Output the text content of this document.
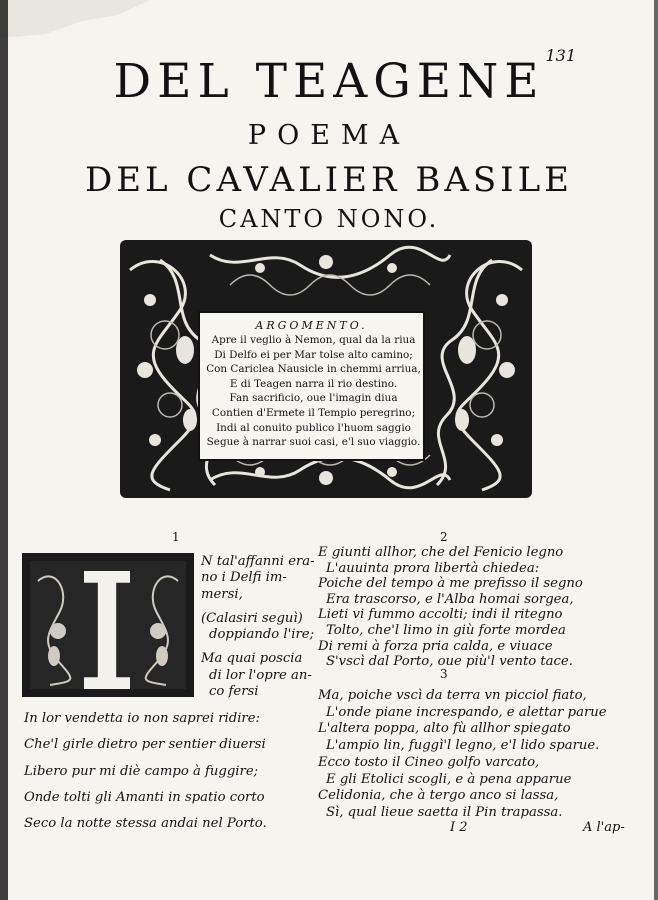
131
DEL TEAGENE
POEMA
DEL CAVALIER BASILE
CANTO NONO.
ARGOMENTO.
Apre il veglio à Nemon, qual da la riua
Di Delfo ei per Mar tolse alto camino;
Con Cariclea Nausicle in chemmi arriua,
E di Teagen narra il rio destino.
Fan sacrificio, oue l'imagin diua
Contien d'Ermete il Tempio peregrino;
Indi al conuito publico l'huom saggio
Segue à narrar suoi casi, e'l suo viaggio.
1	2
3
N tal'affanni era-
no i Delfi im-
mersi,
(Calasiri seguì)
doppiando l'ire;
Ma quai poscia
di lor l'opre an-
co fersi
In lor vendetta io non saprei ridire:
Che'l girle dietro per sentier diuersi
Libero pur mi diè campo à fuggire;
Onde tolti gli Amanti in spatio corto
Seco la notte stessa andai nel Porto.
E giunti allhor, che del Fenicio legno
L'auuinta prora libertà chiedea:
Poiche del tempo à me prefisso il segno
Era trascorso, e l'Alba homai sorgea,
Lieti vi fummo accolti; indi il ritegno
Tolto, che'l limo in giù forte mordea
Di remi à forza pria calda, e viuace
S'vscì dal Porto, oue più'l vento tace.
Ma, poiche vscì da terra vn picciol fiato,
L'onde piane increspando, e alettar parue
L'altera poppa, alto fù allhor spiegato
L'ampio lin, fuggì'l legno, e'l lido sparue.
Ecco tosto il Cineo golfo varcato,
E gli Etolici scogli, e à pena apparue
Celidonia, che à tergo anco si lassa,
Sì, qual lieue saetta il Pin trapassa.
I 2	A l'ap-
